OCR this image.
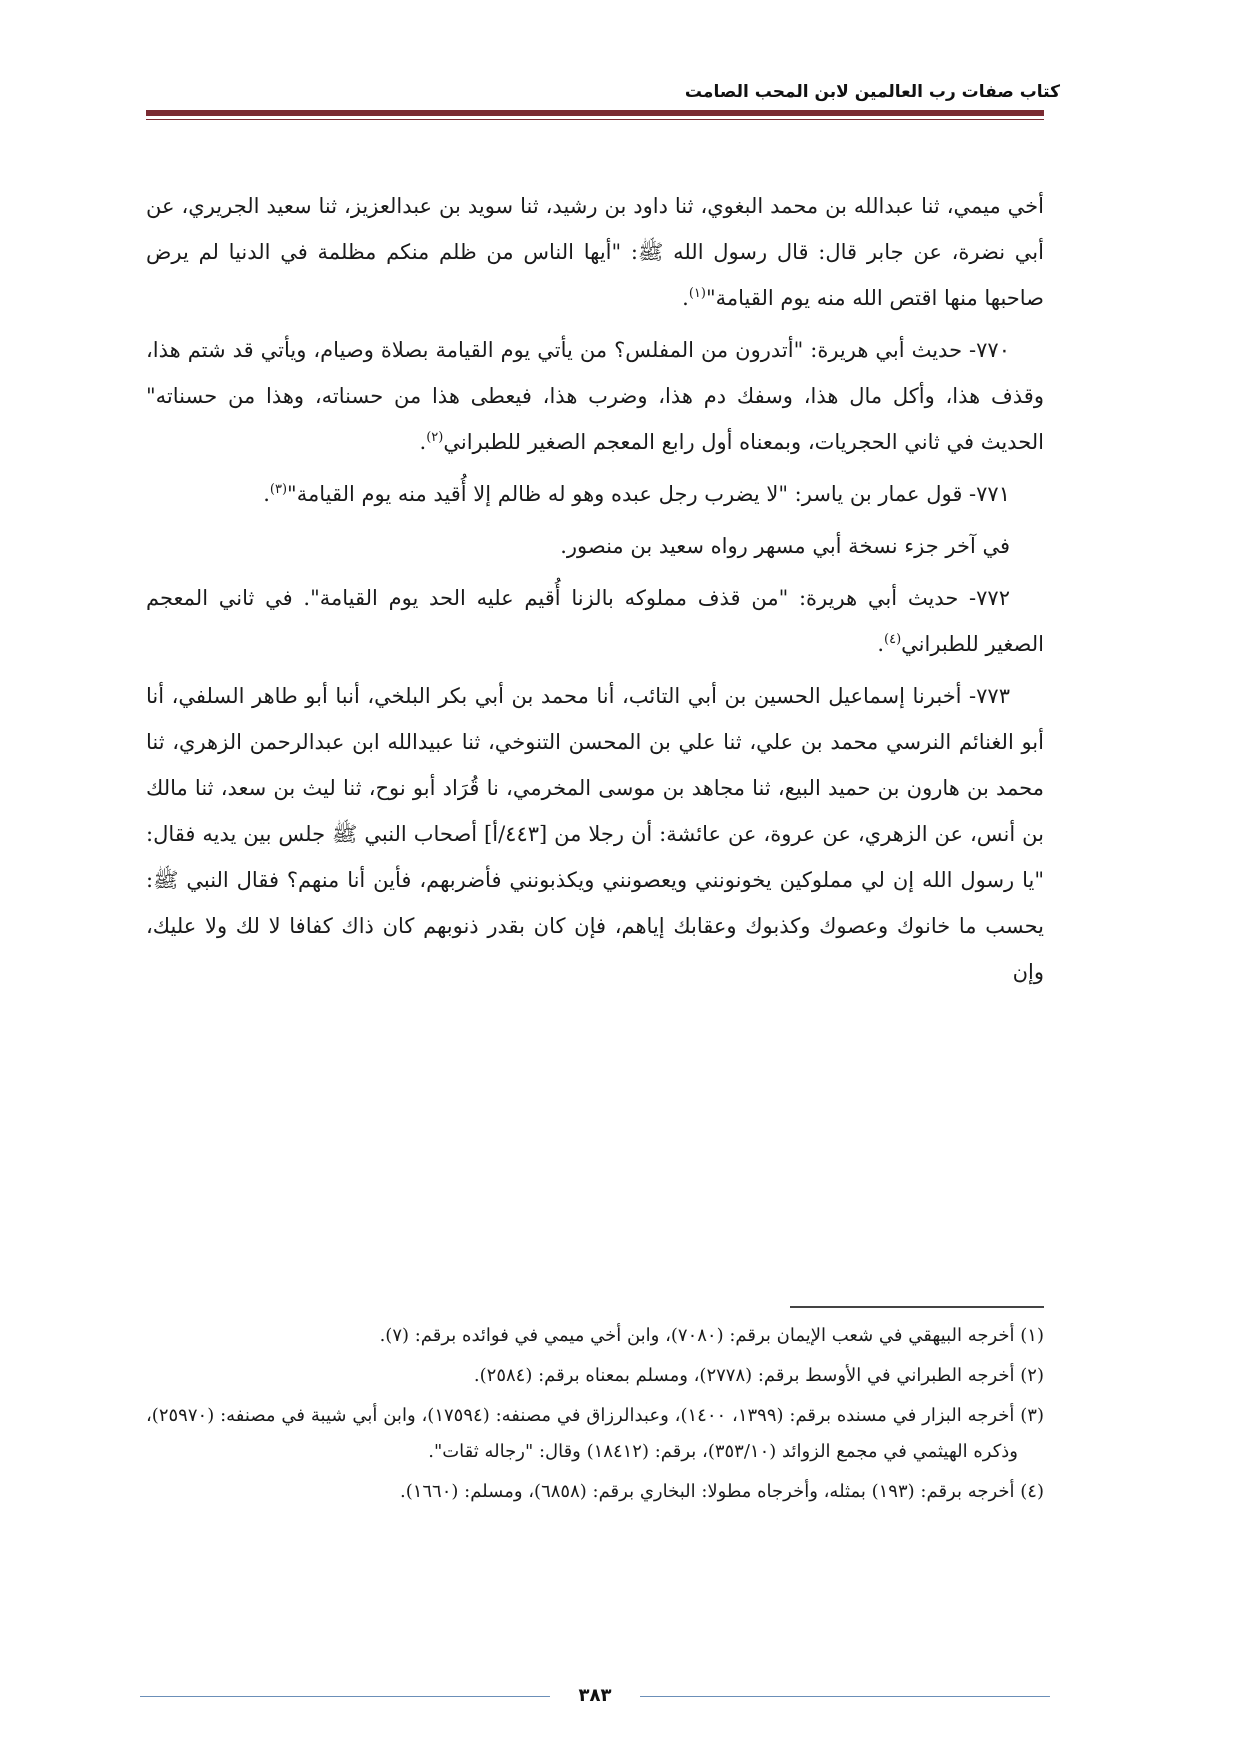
كتاب صفات رب العالمين لابن المحب الصامت

أخي ميمي، ثنا عبدالله بن محمد البغوي، ثنا داود بن رشيد، ثنا سويد بن عبدالعزيز، ثنا سعيد الجريري، عن أبي نضرة، عن جابر قال: قال رسول الله ﷺ: "أيها الناس من ظلم منكم مظلمة في الدنيا لم يرض صاحبها منها اقتص الله منه يوم القيامة"$^{(١)}$.

٧٧٠- حديث أبي هريرة: "أتدرون من المفلس؟ من يأتي يوم القيامة بصلاة وصيام، ويأتي قد شتم هذا، وقذف هذا، وأكل مال هذا، وسفك دم هذا، وضرب هذا، فيعطى هذا من حسناته، وهذا من حسناته" الحديث في ثاني الحجريات، وبمعناه أول رابع المعجم الصغير للطبراني$^{(٢)}$.

٧٧١- قول عمار بن ياسر: "لا يضرب رجل عبده وهو له ظالم إلا أُقيد منه يوم القيامة"$^{(٣)}$.

في آخر جزء نسخة أبي مسهر رواه سعيد بن منصور.

٧٧٢- حديث أبي هريرة: "من قذف مملوكه بالزنا أُقيم عليه الحد يوم القيامة". في ثاني المعجم الصغير للطبراني$^{(٤)}$.

٧٧٣- أخبرنا إسماعيل الحسين بن أبي التائب، أنا محمد بن أبي بكر البلخي، أنبا أبو طاهر السلفي، أنا أبو الغنائم النرسي محمد بن علي، ثنا علي بن المحسن التنوخي، ثنا عبيدالله ابن عبدالرحمن الزهري، ثنا محمد بن هارون بن حميد البيع، ثنا مجاهد بن موسى المخرمي، نا قُرَاد أبو نوح، ثنا ليث بن سعد، ثنا مالك بن أنس، عن الزهري، عن عروة، عن عائشة: أن رجلا من [٤٤٣/أ] أصحاب النبي ﷺ جلس بين يديه فقال: "يا رسول الله إن لي مملوكين يخونونني ويعصونني ويكذبونني فأضربهم، فأين أنا منهم؟ فقال النبي ﷺ: يحسب ما خانوك وعصوك وكذبوك وعقابك إياهم، فإن كان بقدر ذنوبهم كان ذاك كفافا لا لك ولا عليك، وإن

(١) أخرجه البيهقي في شعب الإيمان برقم: (٧٠٨٠)، وابن أخي ميمي في فوائده برقم: (٧).

(٢) أخرجه الطبراني في الأوسط برقم: (٢٧٧٨)، ومسلم بمعناه برقم: (٢٥٨٤).

(٣) أخرجه البزار في مسنده برقم: (١٣٩٩، ١٤٠٠)، وعبدالرزاق في مصنفه: (١٧٥٩٤)، وابن أبي شيبة في مصنفه: (٢٥٩٧٠)، وذكره الهيثمي في مجمع الزوائد (٣٥٣/١٠)، برقم: (١٨٤١٢) وقال: "رجاله ثقات".

(٤) أخرجه برقم: (١٩٣) بمثله، وأخرجاه مطولا: البخاري برقم: (٦٨٥٨)، ومسلم: (١٦٦٠).

٣٨٣
